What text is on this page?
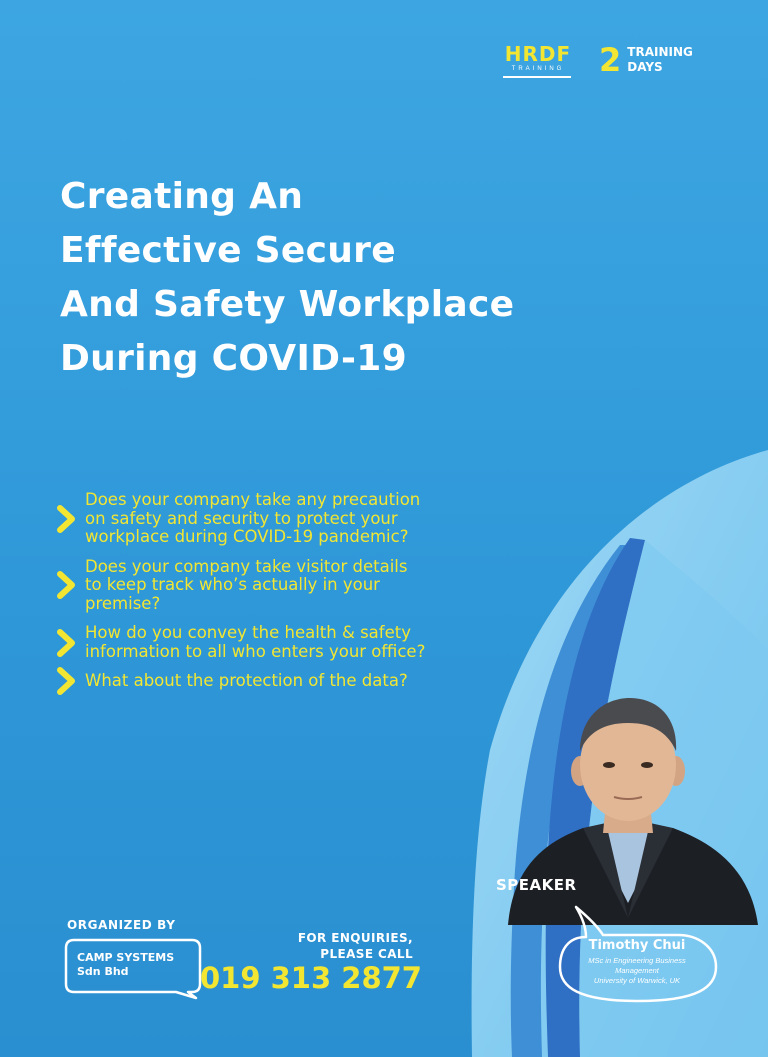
HRDF
TRAINING 2 TRAINING
DAYS
Creating An
Effective Secure
And Safety Workplace
During COVID-19
Does your company take any precaution on safety and security to protect your workplace during COVID-19 pandemic?
Does your company take visitor details to keep track who’s actually in your premise?
How do you convey the health & safety information to all who enters your office?
What about the protection of the data?
SPEAKER
Timothy Chui
MSc in Engineering Business Management
University of Warwick, UK
ORGANIZED BY
CAMP SYSTEMS
Sdn Bhd
FOR ENQUIRIES,
PLEASE CALL
019 313 2877
